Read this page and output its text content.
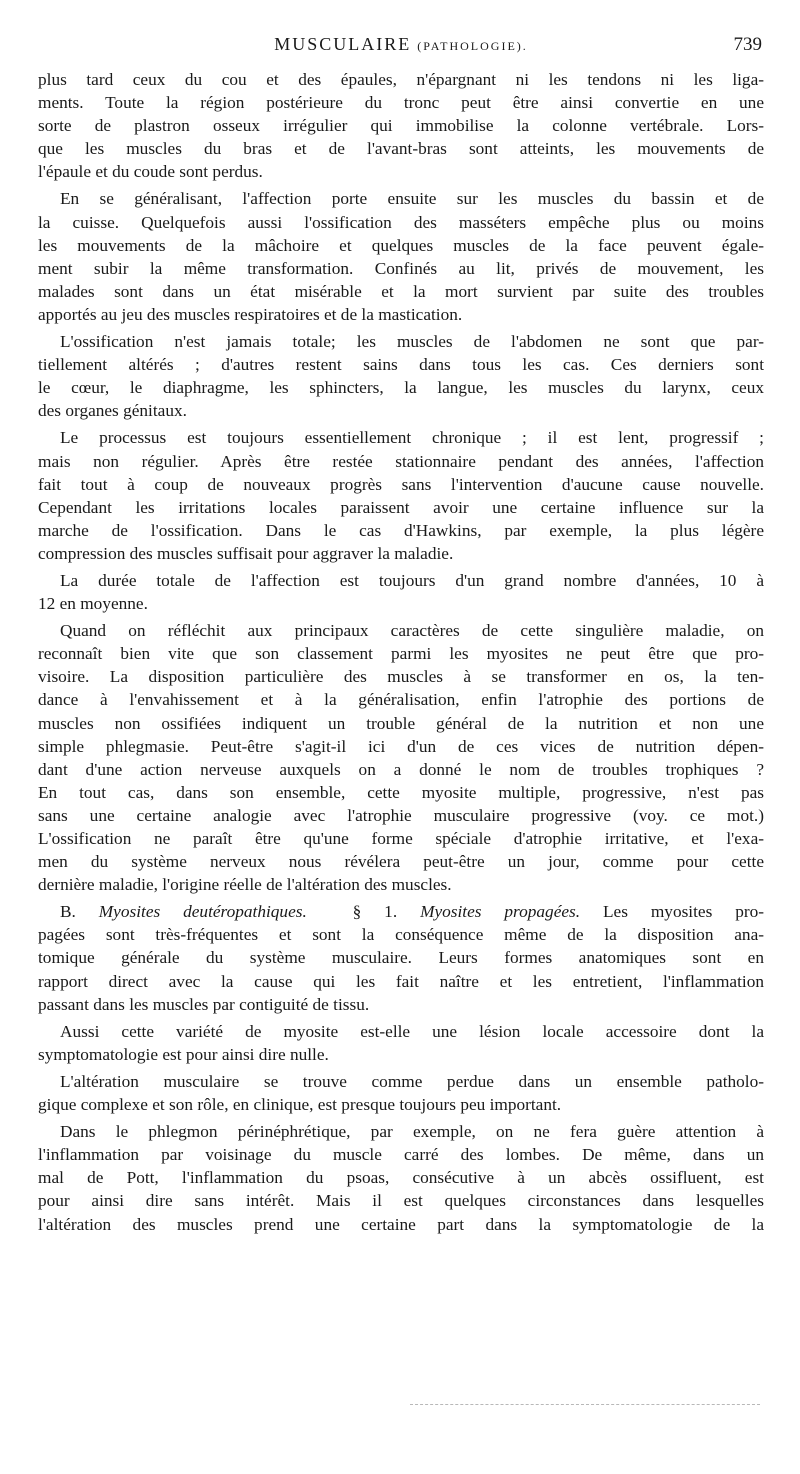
MUSCULAIRE (PATHOLOGIE).	739

plus tard ceux du cou et des épaules, n'épargnant ni les tendons ni les liga-
ments. Toute la région postérieure du tronc peut être ainsi convertie en une
sorte de plastron osseux irrégulier qui immobilise la colonne vertébrale. Lors-
que les muscles du bras et de l'avant-bras sont atteints, les mouvements de
l'épaule et du coude sont perdus.

En se généralisant, l'affection porte ensuite sur les muscles du bassin et de
la cuisse. Quelquefois aussi l'ossification des masséters empêche plus ou moins
les mouvements de la mâchoire et quelques muscles de la face peuvent égale-
ment subir la même transformation. Confinés au lit, privés de mouvement, les
malades sont dans un état misérable et la mort survient par suite des troubles
apportés au jeu des muscles respiratoires et de la mastication.

L'ossification n'est jamais totale; les muscles de l'abdomen ne sont que par-
tiellement altérés ; d'autres restent sains dans tous les cas. Ces derniers sont
le cœur, le diaphragme, les sphincters, la langue, les muscles du larynx, ceux
des organes génitaux.

Le processus est toujours essentiellement chronique ; il est lent, progressif ;
mais non régulier. Après être restée stationnaire pendant des années, l'affection
fait tout à coup de nouveaux progrès sans l'intervention d'aucune cause nouvelle.
Cependant les irritations locales paraissent avoir une certaine influence sur la
marche de l'ossification. Dans le cas d'Hawkins, par exemple, la plus légère
compression des muscles suffisait pour aggraver la maladie.

La durée totale de l'affection est toujours d'un grand nombre d'années, 10 à
12 en moyenne.

Quand on réfléchit aux principaux caractères de cette singulière maladie, on
reconnaît bien vite que son classement parmi les myosites ne peut être que pro-
visoire. La disposition particulière des muscles à se transformer en os, la ten-
dance à l'envahissement et à la généralisation, enfin l'atrophie des portions de
muscles non ossifiées indiquent un trouble général de la nutrition et non une
simple phlegmasie. Peut-être s'agit-il ici d'un de ces vices de nutrition dépen-
dant d'une action nerveuse auxquels on a donné le nom de troubles trophiques ?
En tout cas, dans son ensemble, cette myosite multiple, progressive, n'est pas
sans une certaine analogie avec l'atrophie musculaire progressive (voy. ce mot.)
L'ossification ne paraît être qu'une forme spéciale d'atrophie irritative, et l'exa-
men du système nerveux nous révélera peut-être un jour, comme pour cette
dernière maladie, l'origine réelle de l'altération des muscles.

B. Myosites deutéropathiques.	§ 1. Myosites propagées. Les myosites pro-
pagées sont très-fréquentes et sont la conséquence même de la disposition ana-
tomique générale du système musculaire. Leurs formes anatomiques sont en
rapport direct avec la cause qui les fait naître et les entretient, l'inflammation
passant dans les muscles par contiguité de tissu.

Aussi cette variété de myosite est-elle une lésion locale accessoire dont la
symptomatologie est pour ainsi dire nulle.

L'altération musculaire se trouve comme perdue dans un ensemble patholo-
gique complexe et son rôle, en clinique, est presque toujours peu important.

Dans le phlegmon périnéphrétique, par exemple, on ne fera guère attention à
l'inflammation par voisinage du muscle carré des lombes. De même, dans un
mal de Pott, l'inflammation du psoas, consécutive à un abcès ossifluent, est
pour ainsi dire sans intérêt. Mais il est quelques circonstances dans lesquelles
l'altération des muscles prend une certaine part dans la symptomatologie de la
